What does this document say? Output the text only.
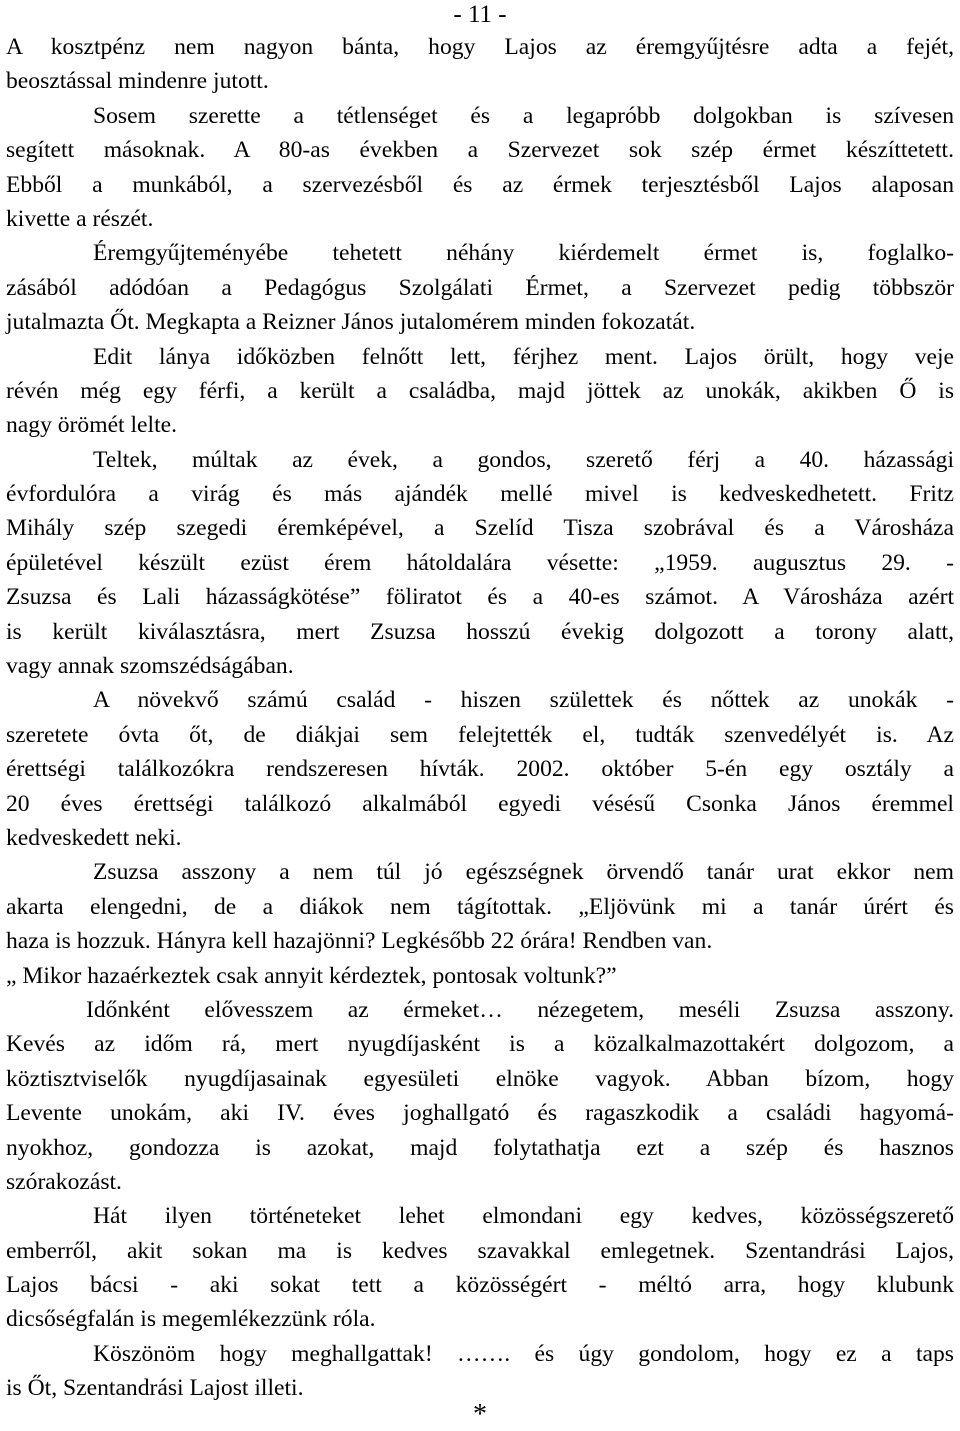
- 11 -
A kosztpénz nem nagyon bánta, hogy Lajos az éremgyűjtésre adta a fejét,
beosztással mindenre jutott.
Sosem szerette a tétlenséget és a legapróbb dolgokban is szívesen
segített másoknak. A 80-as években a Szervezet sok szép érmet készíttetett.
Ebből a munkából, a szervezésből és az érmek terjesztésből Lajos alaposan
kivette a részét.
Éremgyűjteményébe tehetett néhány kiérdemelt érmet is, foglalko-
zásából adódóan a Pedagógus Szolgálati Érmet, a Szervezet pedig többször
jutalmazta Őt. Megkapta a Reizner János jutalomérem minden fokozatát.
Edit lánya időközben felnőtt lett, férjhez ment. Lajos örült, hogy veje
révén még egy férfi, a került a családba, majd jöttek az unokák, akikben Ő is
nagy örömét lelte.
Teltek, múltak az évek, a gondos, szerető férj a 40. házassági
évfordulóra a virág és más ajándék mellé mivel is kedveskedhetett. Fritz
Mihály szép szegedi éremképével, a Szelíd Tisza szobrával és a Városháza
épületével készült ezüst érem hátoldalára vésette: „1959. augusztus 29. -
Zsuzsa és Lali házasságkötése” föliratot és a 40-es számot. A Városháza azért
is került kiválasztásra, mert Zsuzsa hosszú évekig dolgozott a torony alatt,
vagy annak szomszédságában.
A növekvő számú család - hiszen születtek és nőttek az unokák -
szeretete óvta őt, de diákjai sem felejtették el, tudták szenvedélyét is. Az
érettségi találkozókra rendszeresen hívták. 2002. október 5-én egy osztály a
20 éves érettségi találkozó alkalmából egyedi vésésű Csonka János éremmel
kedveskedett neki.
Zsuzsa asszony a nem túl jó egészségnek örvendő tanár urat ekkor nem
akarta elengedni, de a diákok nem tágítottak. „Eljövünk mi a tanár úrért és
haza is hozzuk. Hányra kell hazajönni? Legkésőbb 22 órára! Rendben van.
„ Mikor hazaérkeztek csak annyit kérdeztek, pontosak voltunk?”
Időnként elővesszem az érmeket… nézegetem, meséli Zsuzsa asszony.
Kevés az időm rá, mert nyugdíjasként is a közalkalmazottakért dolgozom, a
köztisztviselők nyugdíjasainak egyesületi elnöke vagyok. Abban bízom, hogy
Levente unokám, aki IV. éves joghallgató és ragaszkodik a családi hagyomá-
nyokhoz, gondozza is azokat, majd folytathatja ezt a szép és hasznos
szórakozást.
Hát ilyen történeteket lehet elmondani egy kedves, közösségszerető
emberről, akit sokan ma is kedves szavakkal emlegetnek. Szentandrási Lajos,
Lajos bácsi - aki sokat tett a közösségért - méltó arra, hogy klubunk
dicsőségfalán is megemlékezzünk róla.
Köszönöm hogy meghallgattak! ……. és úgy gondolom, hogy ez a taps
is Őt, Szentandrási Lajost illeti.
*
